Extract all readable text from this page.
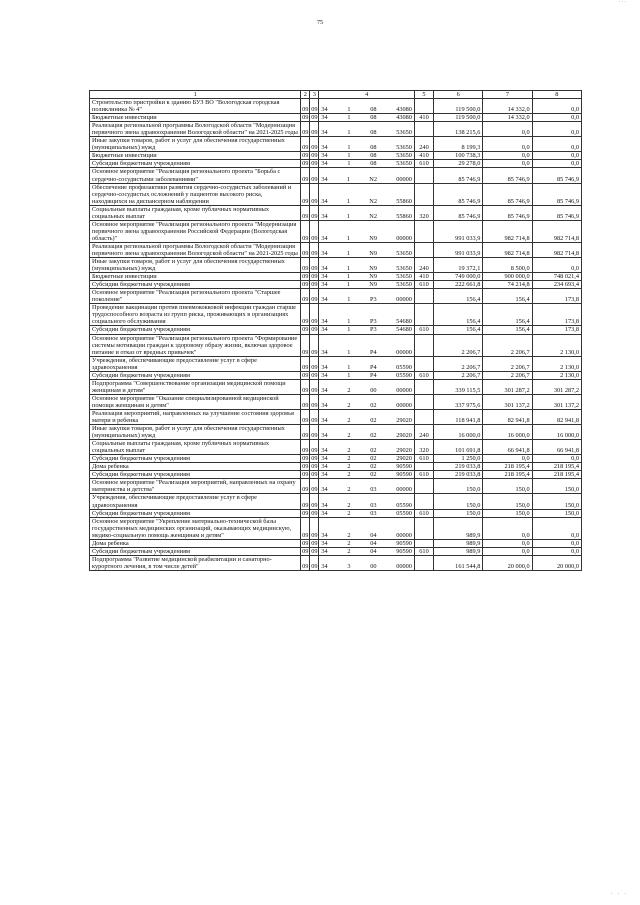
· · ·
75
1	2	3	4	5	6	7	8
Строительство пристройки к зданию БУЗ ВО "Вологодская городская поликлиника № 4"	09	09	34 1 08 43080		119 500,0	14 332,0	0,0
Бюджетные инвестиции	09	09	34 1 08 43080	410	119 500,0	14 332,0	0,0
Реализация региональной программы Вологодской области "Модернизация первичного звена здравоохранения Вологодской области" на 2021-2025 годы	09	09	34 1 08 53650		138 215,6	0,0	0,0
Иные закупки товаров, работ и услуг для обеспечения государственных (муниципальных) нужд	09	09	34 1 08 53650	240	8 199,3	0,0	0,0
Бюджетные инвестиции	09	09	34 1 08 53650	410	100 738,3	0,0	0,0
Субсидии бюджетным учреждениям	09	09	34 1 08 53650	610	29 278,0	0,0	0,0
Основное мероприятие "Реализация регионального проекта "Борьба с сердечно-сосудистыми заболеваниями"	09	09	34 1 N2 00000		85 746,9	85 746,9	85 746,9
Обеспечение профилактики развития сердечно-сосудистых заболеваний и сердечно-сосудистых осложнений у пациентов высокого риска, находящихся на диспансерном наблюдении	09	09	34 1 N2 55860		85 746,9	85 746,9	85 746,9
Социальные выплаты гражданам, кроме публичных нормативных социальных выплат	09	09	34 1 N2 55860	320	85 746,9	85 746,9	85 746,9
Основное мероприятие "Реализация регионального проекта "Модернизация первичного звена здравоохранения Российской Федерации (Вологодская область)"	09	09	34 1 N9 00000		991 033,9	982 714,8	982 714,8
Реализация региональной программы Вологодской области "Модернизация первичного звена здравоохранения Вологодской области" на 2021-2025 годы	09	09	34 1 N9 53650		991 033,9	982 714,8	982 714,8
Иные закупки товаров, работ и услуг для обеспечения государственных (муниципальных) нужд	09	09	34 1 N9 53650	240	19 372,1	8 500,0	0,0
Бюджетные инвестиции	09	09	34 1 N9 53650	410	749 000,0	900 000,0	748 021,4
Субсидии бюджетным учреждениям	09	09	34 1 N9 53650	610	222 661,8	74 214,8	234 693,4
Основное мероприятие "Реализация регионального проекта "Старшее поколение"	09	09	34 1 P3 00000		156,4	156,4	173,8
Проведение вакцинации против пневмококковой инфекции граждан старше трудоспособного возраста из групп риска, проживающих в организациях социального обслуживания	09	09	34 1 P3 54680		156,4	156,4	173,8
Субсидии бюджетным учреждениям	09	09	34 1 P3 54680	610	156,4	156,4	173,8
Основное мероприятие "Реализация регионального проекта "Формирование системы мотивации граждан к здоровому образу жизни, включая здоровое питание и отказ от вредных привычек"	09	09	34 1 P4 00000		2 206,7	2 206,7	2 130,0
Учреждения, обеспечивающие предоставление услуг в сфере здравоохранения	09	09	34 1 P4 05590		2 206,7	2 206,7	2 130,0
Субсидии бюджетным учреждениям	09	09	34 1 P4 05590	610	2 206,7	2 206,7	2 130,0
Подпрограмма "Совершенствование организации медицинской помощи женщинам и детям"	09	09	34 2 00 00000		339 115,5	301 287,2	301 287,2
Основное мероприятие "Оказание специализированной медицинской помощи женщинам и детям"	09	09	34 2 02 00000		337 975,6	301 137,2	301 137,2
Реализация мероприятий, направленных на улучшение состояния здоровья матери и ребенка	09	09	34 2 02 29020		118 941,8	82 941,8	82 941,8
Иные закупки товаров, работ и услуг для обеспечения государственных (муниципальных) нужд	09	09	34 2 02 29020	240	16 000,0	16 000,0	16 000,0
Социальные выплаты гражданам, кроме публичных нормативных социальных выплат	09	09	34 2 02 29020	320	101 691,8	66 941,8	66 941,8
Субсидии бюджетным учреждениям	09	09	34 2 02 29020	610	1 250,0	0,0	0,0
Дома ребенка	09	09	34 2 02 90590		219 033,8	218 195,4	218 195,4
Субсидии бюджетным учреждениям	09	09	34 2 02 90590	610	219 033,8	218 195,4	218 195,4
Основное мероприятие "Реализация мероприятий, направленных на охрану материнства и детства"	09	09	34 2 03 00000		150,0	150,0	150,0
Учреждения, обеспечивающие предоставление услуг в сфере здравоохранения	09	09	34 2 03 05590		150,0	150,0	150,0
Субсидии бюджетным учреждениям	09	09	34 2 03 05590	610	150,0	150,0	150,0
Основное мероприятие "Укрепление материально-технической базы государственных медицинских организаций, оказывающих медицинскую, медико-социальную помощь женщинам и детям"	09	09	34 2 04 00000		989,9	0,0	0,0
Дома ребенка	09	09	34 2 04 90590		989,9	0,0	0,0
Субсидии бюджетным учреждениям	09	09	34 2 04 90590	610	989,9	0,0	0,0
Подпрограмма "Развитие медицинской реабилитации и санаторно-курортного лечения, в том числе детей"	09	09	34 3 00 00000		161 544,8	20 000,0	20 000,0
· · ·
